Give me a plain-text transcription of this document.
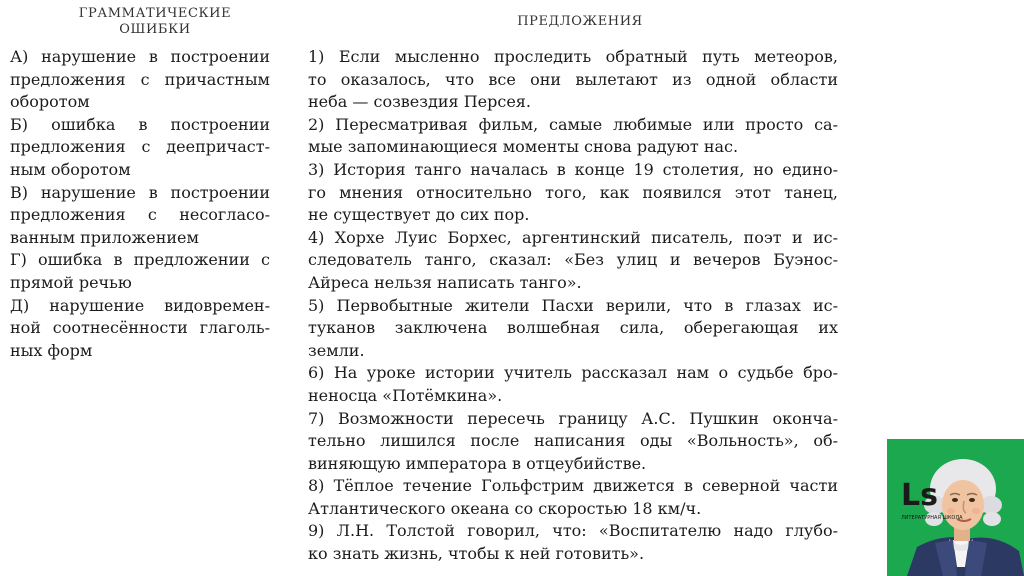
ГРАММАТИЧЕСКИЕ
ОШИБКИ
ПРЕДЛОЖЕНИЯ
А) нарушение в построении
предложения с причастным
оборотом
Б) ошибка в построении
предложения с деепричаст-
ным оборотом
В) нарушение в построении
предложения с несогласо-
ванным приложением
Г) ошибка в предложении с
прямой речью
Д) нарушение видовремен-
ной соотнесённости глаголь-
ных форм
1) Если мысленно проследить обратный путь метеоров,
то оказалось, что все они вылетают из одной области
неба — созвездия Персея.
2) Пересматривая фильм, самые любимые или просто са-
мые запоминающиеся моменты снова радуют нас.
3) История танго началась в конце 19 столетия, но едино-
го мнения относительно того, как появился этот танец,
не существует до сих пор.
4) Хорхе Луис Борхес, аргентинский писатель, поэт и ис-
следователь танго, сказал: «Без улиц и вечеров Буэнос-
Айреса нельзя написать танго».
5) Первобытные жители Пасхи верили, что в глазах ис-
туканов заключена волшебная сила, оберегающая их
земли.
6) На уроке истории учитель рассказал нам о судьбе бро-
неносца «Потёмкина».
7) Возможности пересечь границу А.С. Пушкин оконча-
тельно лишился после написания оды «Вольность», об-
виняющую императора в отцеубийстве.
8) Тёплое течение Гольфстрим движется в северной части
Атлантического океана со скоростью 18 км/ч.
9) Л.Н. Толстой говорил, что: «Воспитателю надо глубо-
ко знать жизнь, чтобы к ней готовить».
Ls
ЛИТЕРАТУРНАЯ ШКОЛА
